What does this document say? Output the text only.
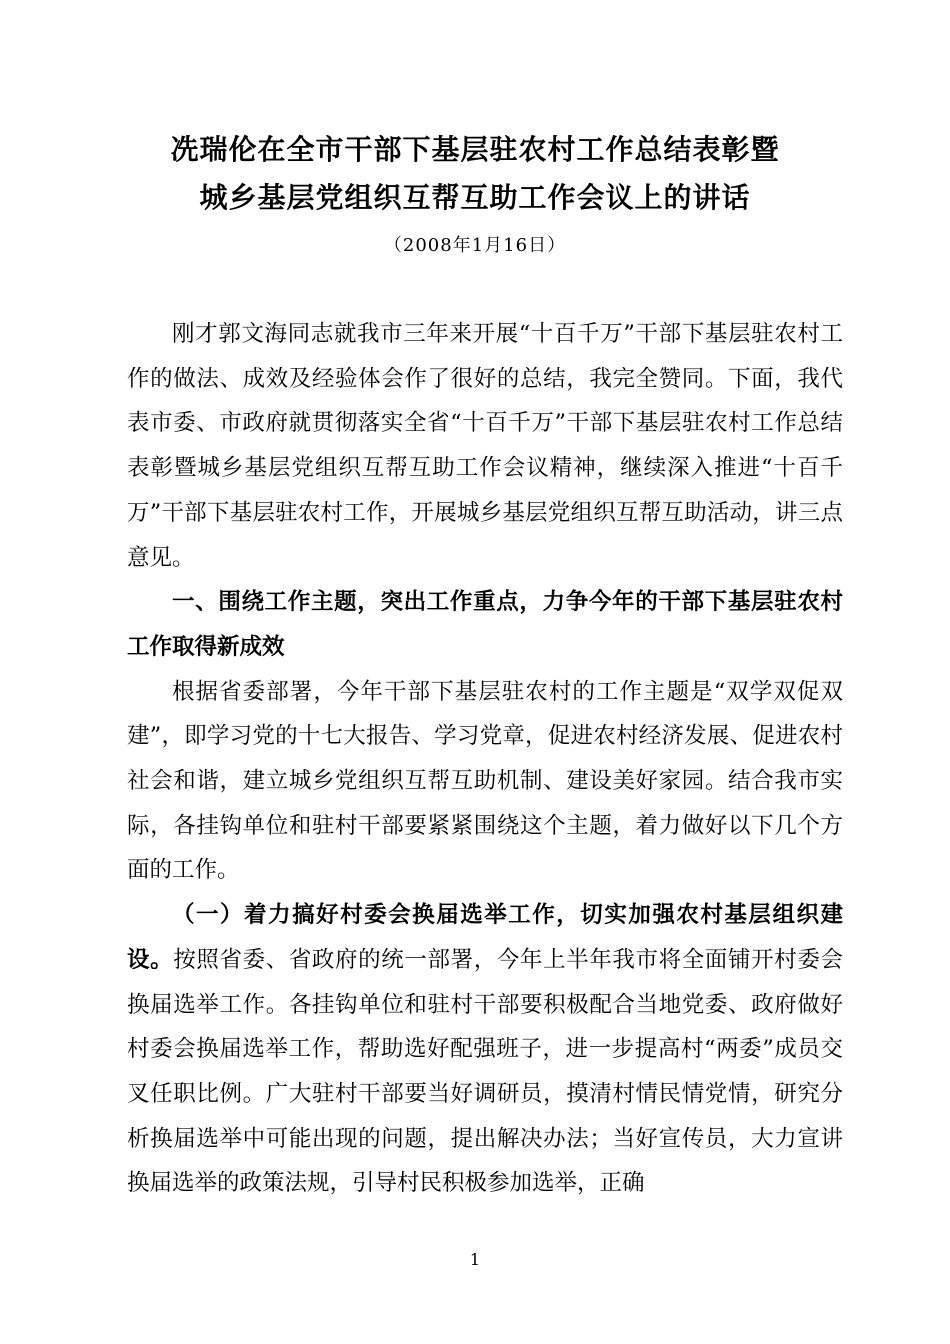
冼瑞伦在全市干部下基层驻农村工作总结表彰暨
城乡基层党组织互帮互助工作会议上的讲话
（2008年1月16日）

刚才郭文海同志就我市三年来开展“十百千万”干部下基层驻农村工作的做法、成效及经验体会作了很好的总结，我完全赞同。下面，我代表市委、市政府就贯彻落实全省“十百千万”干部下基层驻农村工作总结表彰暨城乡基层党组织互帮互助工作会议精神，继续深入推进“十百千万”干部下基层驻农村工作，开展城乡基层党组织互帮互助活动，讲三点意见。

一、围绕工作主题，突出工作重点，力争今年的干部下基层驻农村工作取得新成效

根据省委部署，今年干部下基层驻农村的工作主题是“双学双促双建”，即学习党的十七大报告、学习党章，促进农村经济发展、促进农村社会和谐，建立城乡党组织互帮互助机制、建设美好家园。结合我市实际，各挂钩单位和驻村干部要紧紧围绕这个主题，着力做好以下几个方面的工作。

（一）着力搞好村委会换届选举工作，切实加强农村基层组织建设。按照省委、省政府的统一部署，今年上半年我市将全面铺开村委会换届选举工作。各挂钩单位和驻村干部要积极配合当地党委、政府做好村委会换届选举工作，帮助选好配强班子，进一步提高村“两委”成员交叉任职比例。广大驻村干部要当好调研员，摸清村情民情党情，研究分析换届选举中可能出现的问题，提出解决办法；当好宣传员，大力宣讲换届选举的政策法规，引导村民积极参加选举，正确

1
